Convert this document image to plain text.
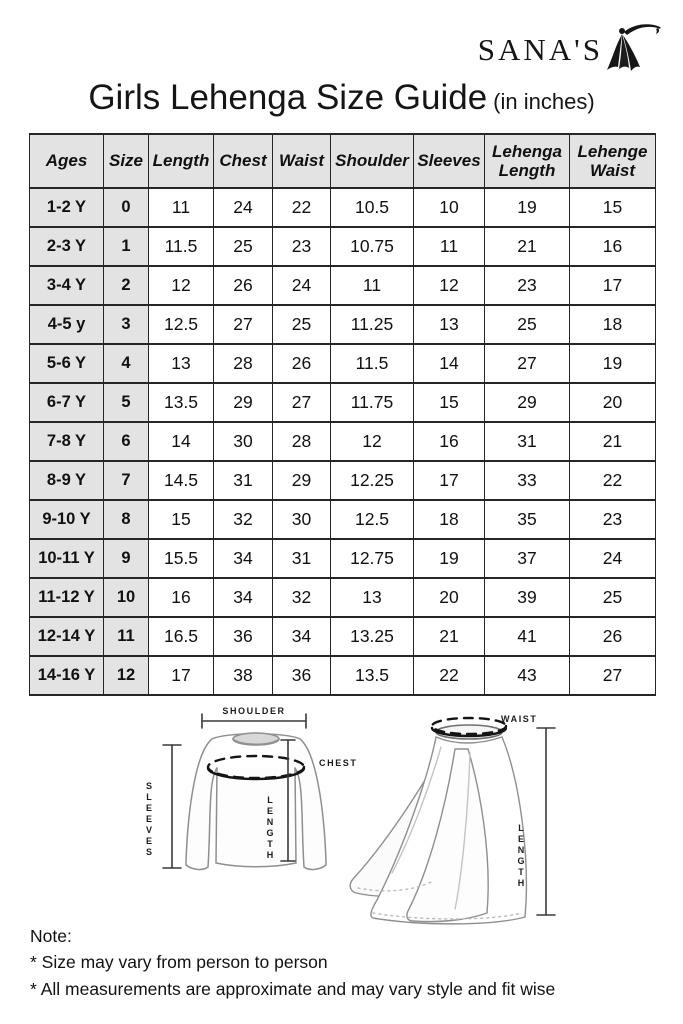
SANA'S
Girls Lehenga Size Guide (in inches)
Ages	Size	Length	Chest	Waist	Shoulder	Sleeves	Lehenga Length	Lehenge Waist
1-2 Y	0	11	24	22	10.5	10	19	15
2-3 Y	1	11.5	25	23	10.75	11	21	16
3-4 Y	2	12	26	24	11	12	23	17
4-5 y	3	12.5	27	25	11.25	13	25	18
5-6 Y	4	13	28	26	11.5	14	27	19
6-7 Y	5	13.5	29	27	11.75	15	29	20
7-8 Y	6	14	30	28	12	16	31	21
8-9 Y	7	14.5	31	29	12.25	17	33	22
9-10 Y	8	15	32	30	12.5	18	35	23
10-11 Y	9	15.5	34	31	12.75	19	37	24
11-12 Y	10	16	34	32	13	20	39	25
12-14 Y	11	16.5	36	34	13.25	21	41	26
14-16 Y	12	17	38	36	13.5	22	43	27
SHOULDER
CHEST
SLEEVES	LENGTH
WAIST
LENGTH

Note:

* Size may vary from person to person

* All measurements are approximate and may vary style and fit wise
